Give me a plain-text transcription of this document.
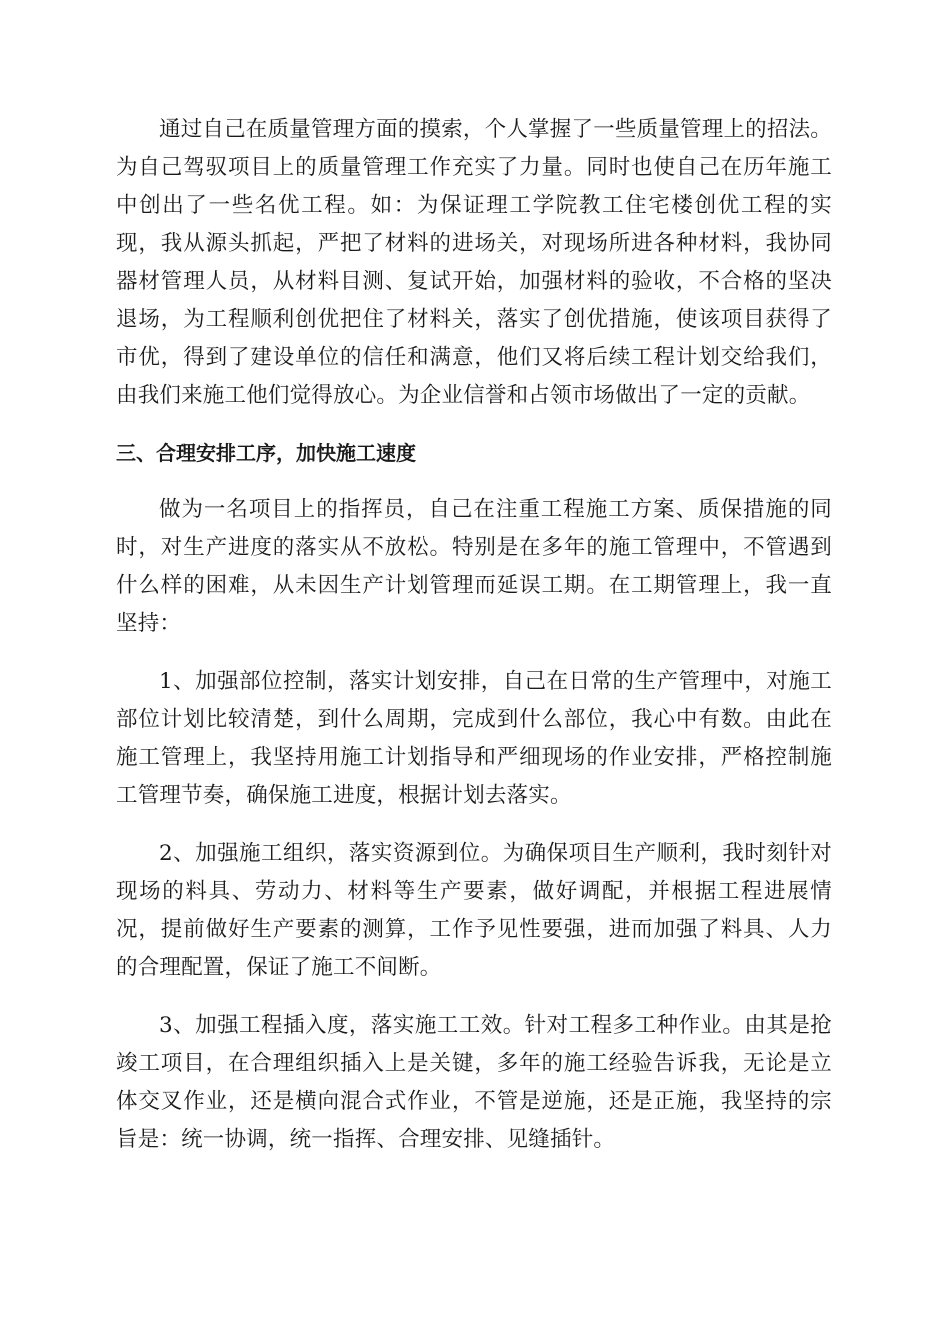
通过自己在质量管理方面的摸索，个人掌握了一些质量管理上的招法。为自己驾驭项目上的质量管理工作充实了力量。同时也使自己在历年施工中创出了一些名优工程。如：为保证理工学院教工住宅楼创优工程的实现，我从源头抓起，严把了材料的进场关，对现场所进各种材料，我协同器材管理人员，从材料目测、复试开始，加强材料的验收，不合格的坚决退场，为工程顺利创优把住了材料关，落实了创优措施，使该项目获得了市优，得到了建设单位的信任和满意，他们又将后续工程计划交给我们，由我们来施工他们觉得放心。为企业信誉和占领市场做出了一定的贡献。

三、合理安排工序，加快施工速度

做为一名项目上的指挥员，自己在注重工程施工方案、质保措施的同时，对生产进度的落实从不放松。特别是在多年的施工管理中，不管遇到什么样的困难，从未因生产计划管理而延误工期。在工期管理上，我一直坚持：

1、加强部位控制，落实计划安排，自己在日常的生产管理中，对施工部位计划比较清楚，到什么周期，完成到什么部位，我心中有数。由此在施工管理上，我坚持用施工计划指导和严细现场的作业安排，严格控制施工管理节奏，确保施工进度，根据计划去落实。

2、加强施工组织，落实资源到位。为确保项目生产顺利，我时刻针对现场的料具、劳动力、材料等生产要素，做好调配，并根据工程进展情况，提前做好生产要素的测算，工作予见性要强，进而加强了料具、人力的合理配置，保证了施工不间断。

3、加强工程插入度，落实施工工效。针对工程多工种作业。由其是抢竣工项目，在合理组织插入上是关键，多年的施工经验告诉我，无论是立体交叉作业，还是横向混合式作业，不管是逆施，还是正施，我坚持的宗旨是：统一协调，统一指挥、合理安排、见缝插针。
